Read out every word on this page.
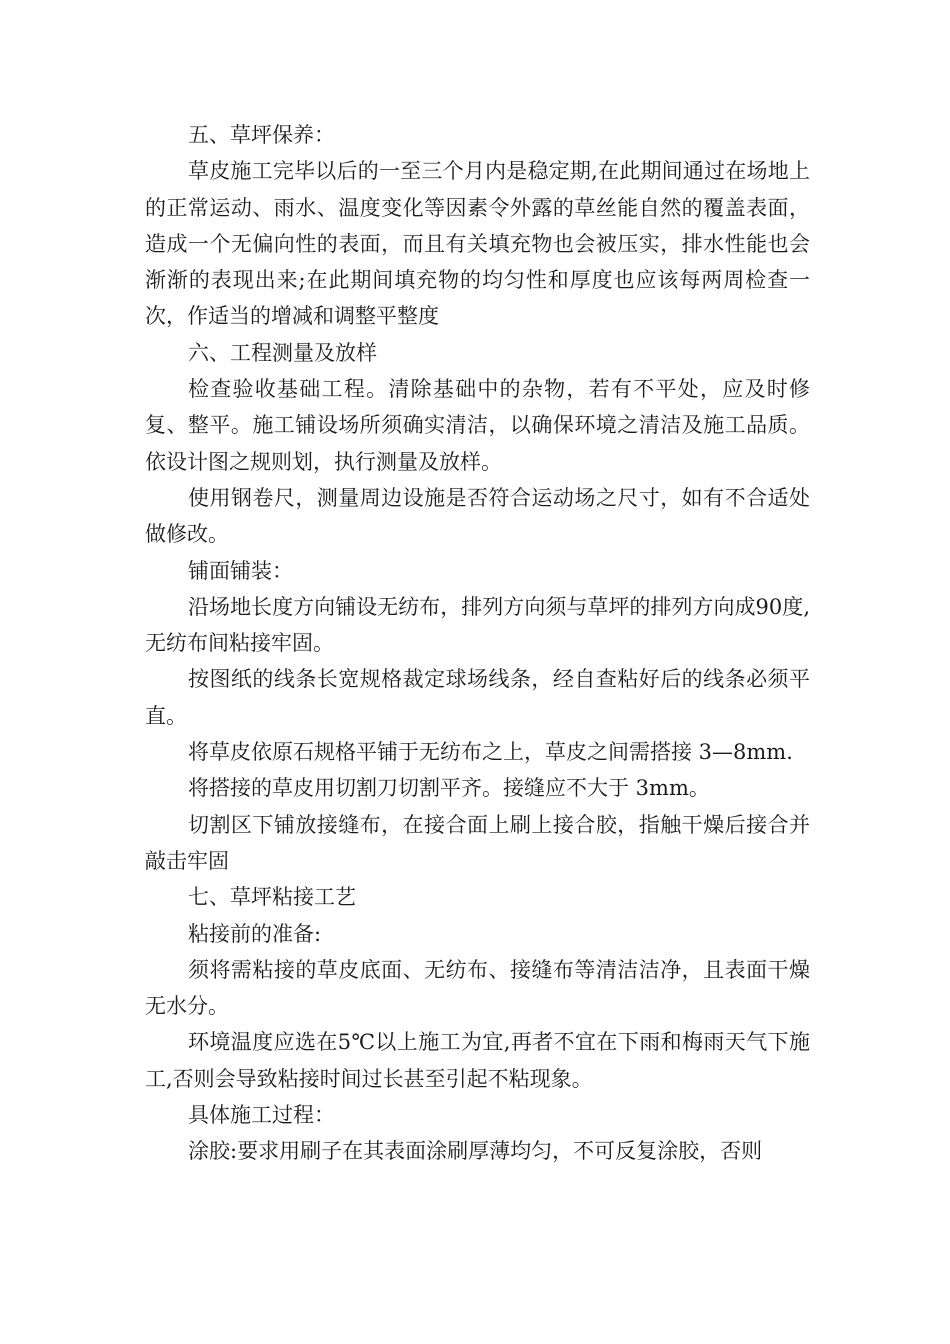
五、草坪保养：

草皮施工完毕以后的一至三个月内是稳定期,在此期间通过在场地上的正常运动、雨水、温度变化等因素令外露的草丝能自然的覆盖表面，造成一个无偏向性的表面，而且有关填充物也会被压实，排水性能也会渐渐的表现出来;在此期间填充物的均匀性和厚度也应该每两周检查一次，作适当的增减和调整平整度

六、工程测量及放样

检查验收基础工程。清除基础中的杂物，若有不平处，应及时修复、整平。施工铺设场所须确实清洁，以确保环境之清洁及施工品质。依设计图之规则划，执行测量及放样。

使用钢卷尺，测量周边设施是否符合运动场之尺寸，如有不合适处做修改。

铺面铺装：

沿场地长度方向铺设无纺布，排列方向须与草坪的排列方向成90度,无纺布间粘接牢固。

按图纸的线条长宽规格裁定球场线条，经自查粘好后的线条必须平直。

将草皮依原石规格平铺于无纺布之上，草皮之间需搭接 3—8mm.

将搭接的草皮用切割刀切割平齐。接缝应不大于 3mm。

切割区下铺放接缝布，在接合面上刷上接合胶，指触干燥后接合并敲击牢固

七、草坪粘接工艺

粘接前的准备:

须将需粘接的草皮底面、无纺布、接缝布等清洁洁净，且表面干燥无水分。

环境温度应选在5℃以上施工为宜,再者不宜在下雨和梅雨天气下施工,否则会导致粘接时间过长甚至引起不粘现象。

具体施工过程：

涂胶:要求用刷子在其表面涂刷厚薄均匀，不可反复涂胶，否则
